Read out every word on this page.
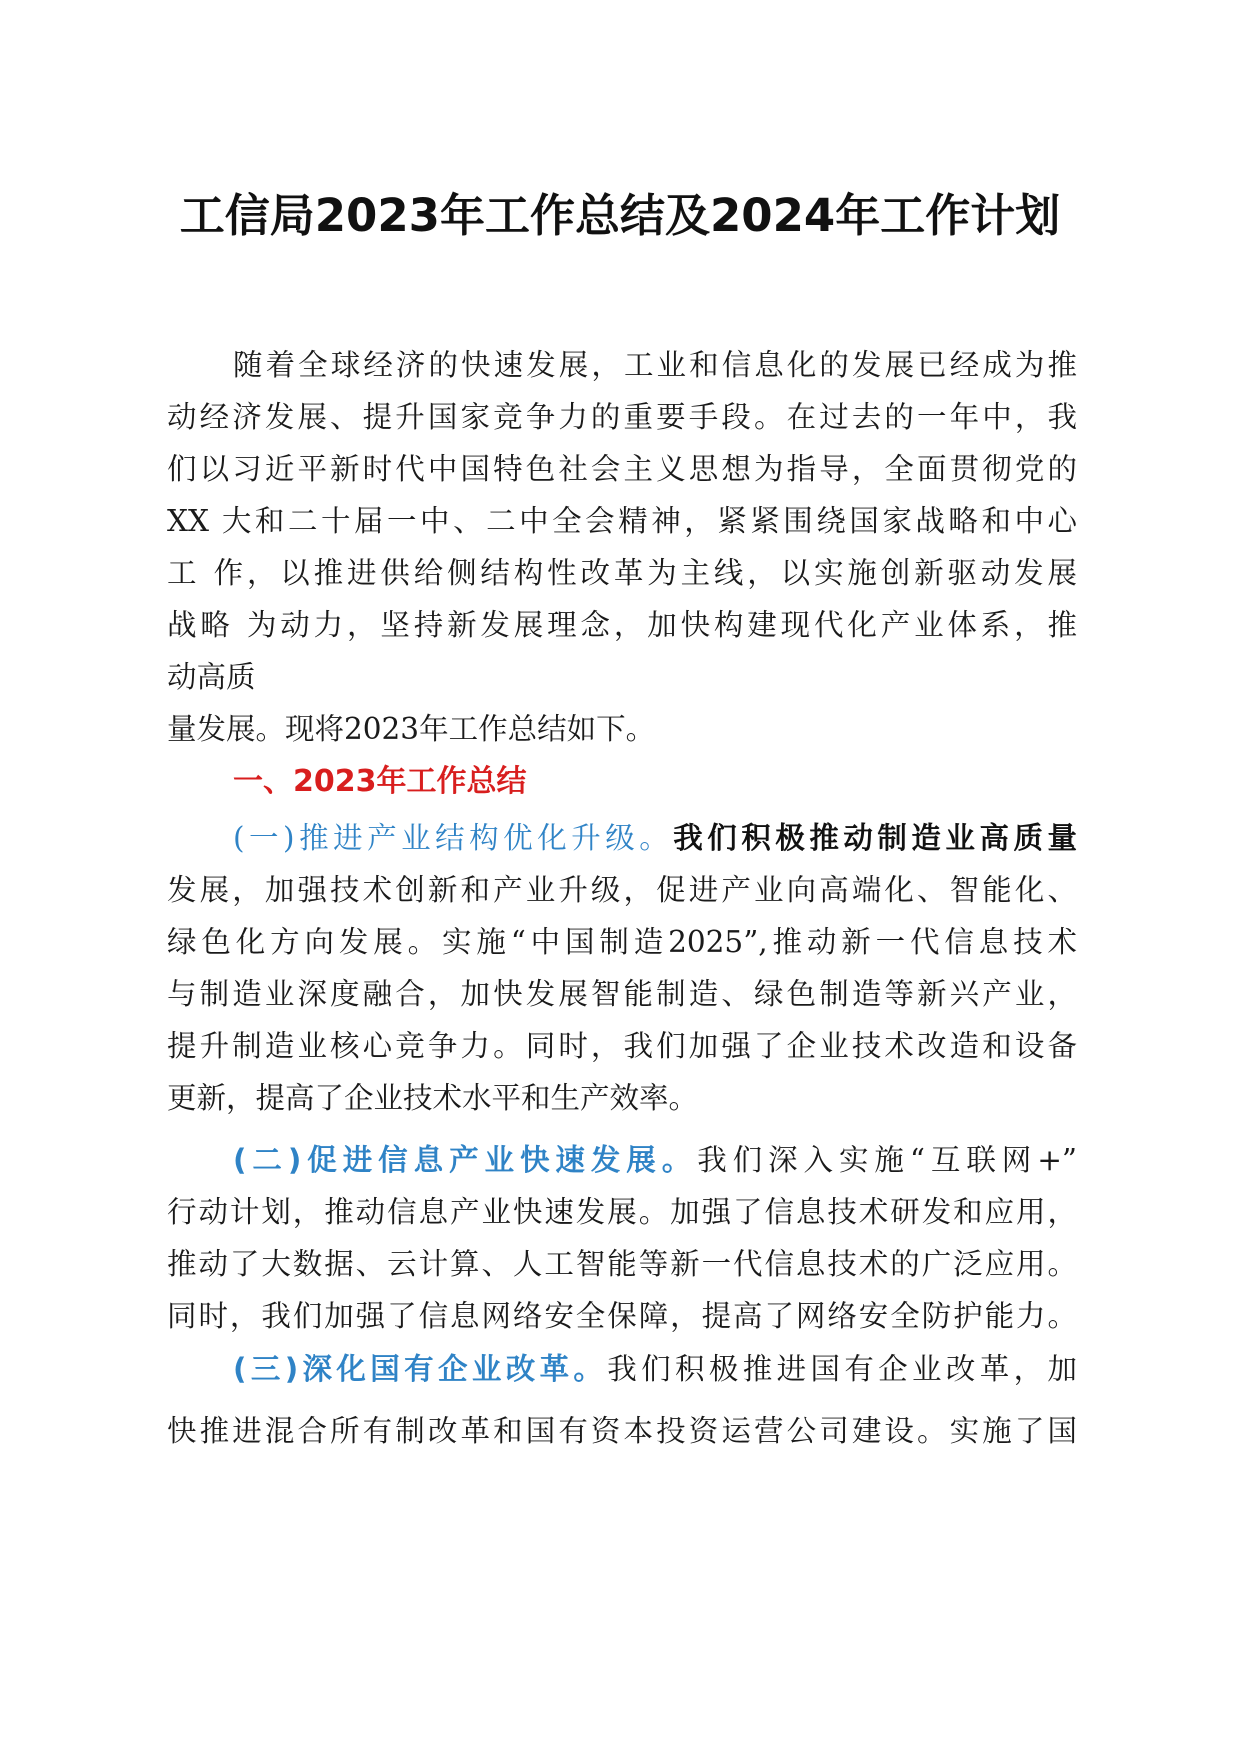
工信局2023年工作总结及2024年工作计划

随着全球经济的快速发展，工业和信息化的发展已经成为推

动经济发展、提升国家竞争力的重要手段。在过去的一年中，我

们以习近平新时代中国特色社会主义思想为指导，全面贯彻党的

XX 大和二十届一中、二中全会精神，紧紧围绕国家战略和中心

工 作，以推进供给侧结构性改革为主线，以实施创新驱动发展

战略 为动力，坚持新发展理念，加快构建现代化产业体系，推

动高质

量发展。现将2023年工作总结如下。

一、2023年工作总结

(一)推进产业结构优化升级。我们积极推动制造业高质量

发展，加强技术创新和产业升级，促进产业向高端化、智能化、

绿色化方向发展。实施“中国制造2025”,推动新一代信息技术

与制造业深度融合，加快发展智能制造、绿色制造等新兴产业，

提升制造业核心竞争力。同时，我们加强了企业技术改造和设备

更新，提高了企业技术水平和生产效率。

(二)促进信息产业快速发展。我们深入实施“互联网+”

行动计划，推动信息产业快速发展。加强了信息技术研发和应用，

推动了大数据、云计算、人工智能等新一代信息技术的广泛应用。

同时，我们加强了信息网络安全保障，提高了网络安全防护能力。

(三)深化国有企业改革。我们积极推进国有企业改革，加

快推进混合所有制改革和国有资本投资运营公司建设。实施了国
